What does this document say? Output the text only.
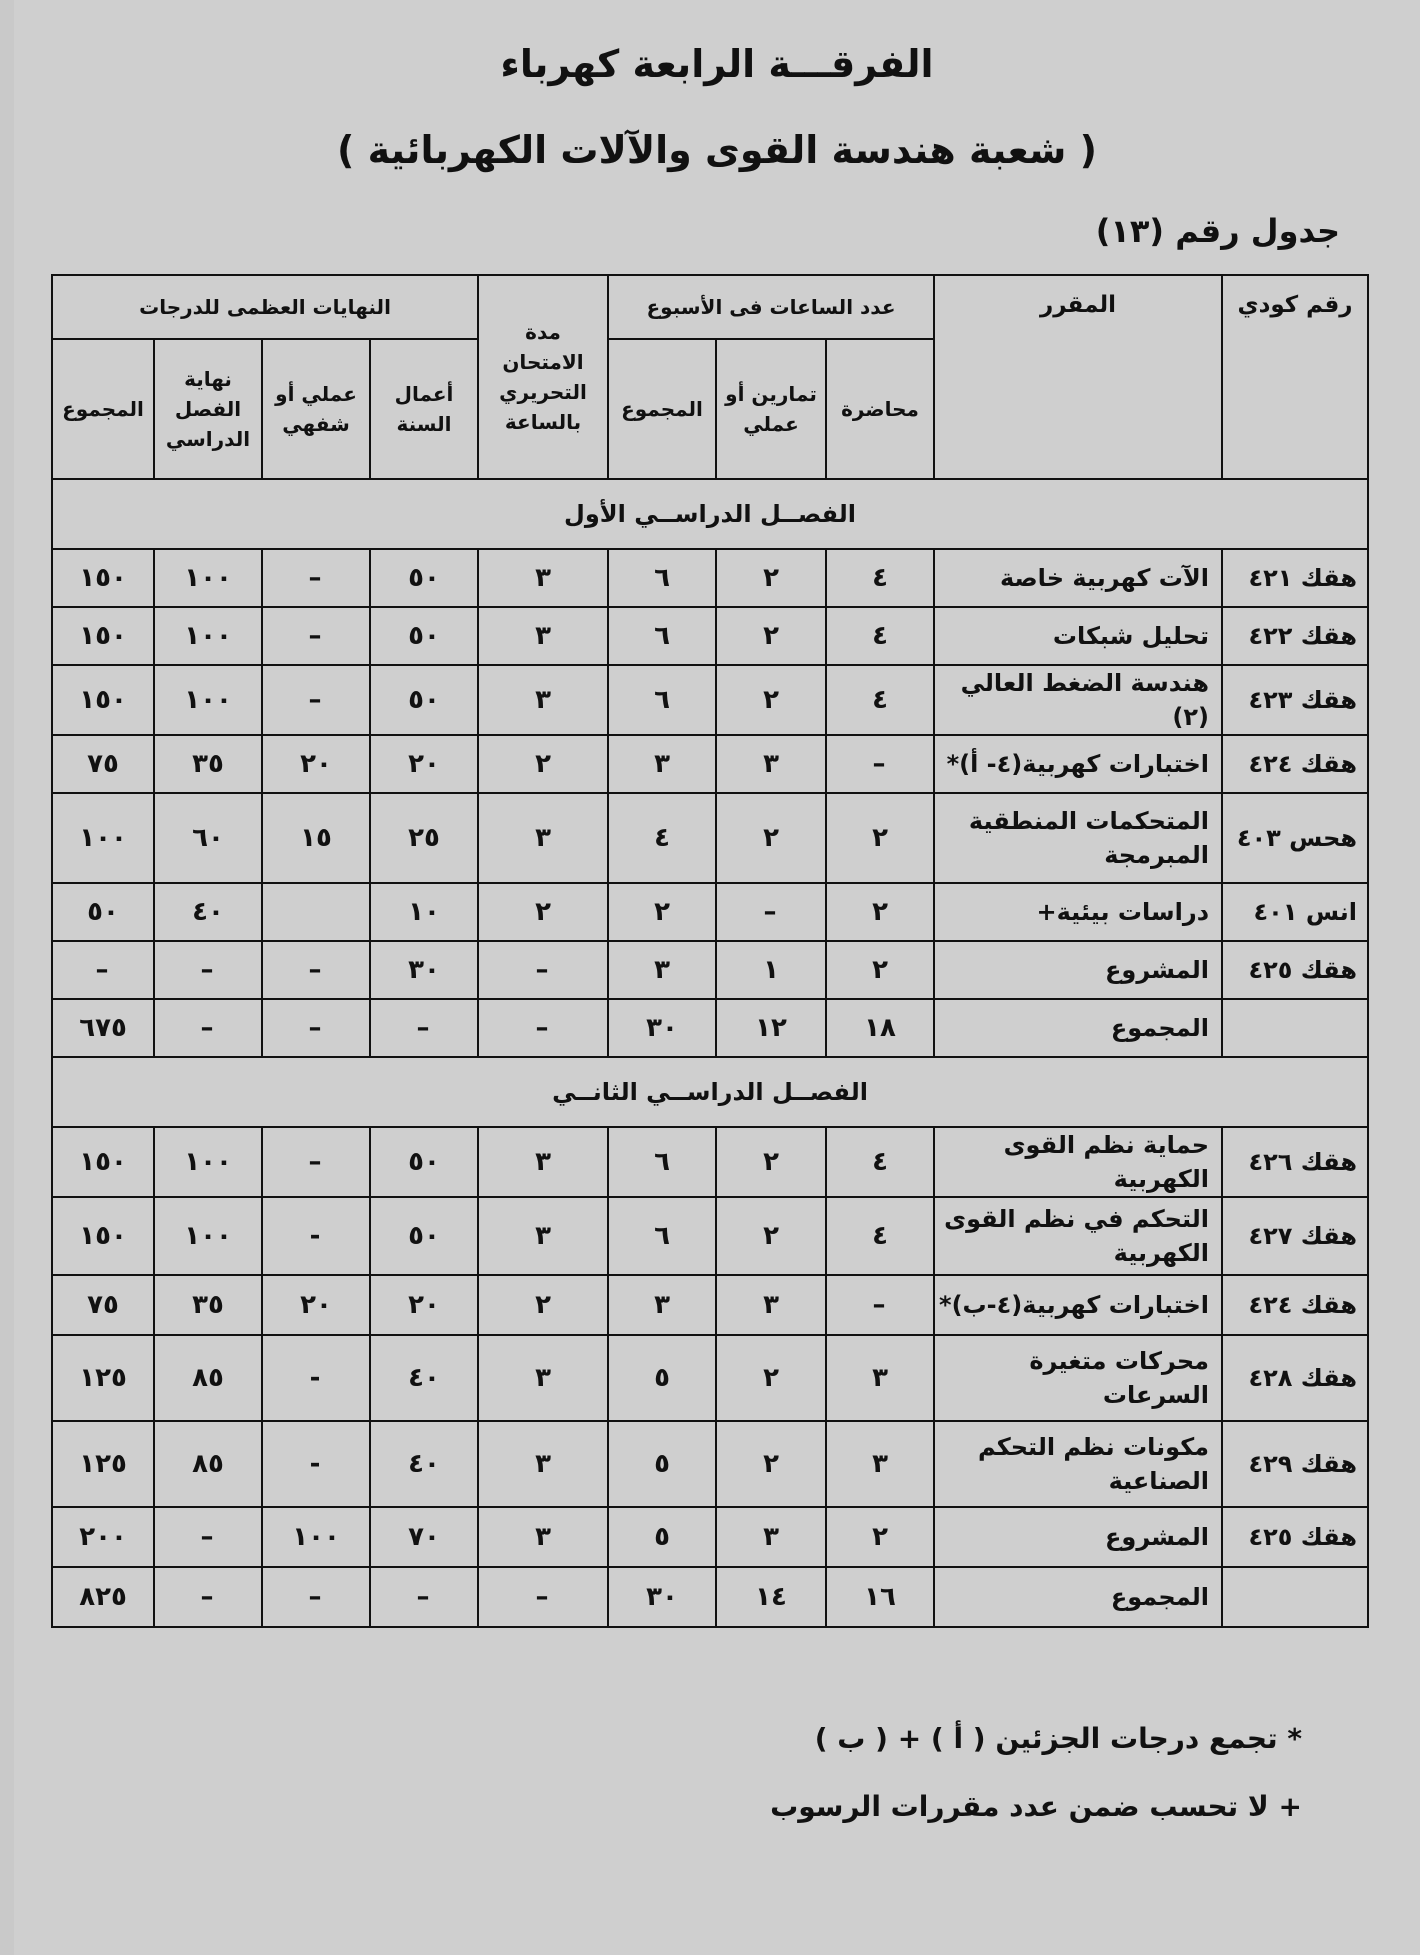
الفرقـــة الرابعة كهرباء
( شعبة هندسة القوى والآلات الكهربائية )
جدول رقم (١٣)
رقم كودي	المقرر	عدد الساعات فى الأسبوع			مدة الامتحان التحريري بالساعة	النهايات العظمى للدرجات			
		محاضرة	تمارين أو عملي	المجموع		أعمال السنة	عملي أو شفهي	نهاية الفصل الدراسي	المجموع
الفصــل الدراســي الأول									
هقك ٤٢١	الآت كهربية خاصة	٤	٢	٦	٣	٥٠	–	١٠٠	١٥٠
هقك ٤٢٢	تحليل شبكات	٤	٢	٦	٣	٥٠	–	١٠٠	١٥٠
هقك ٤٢٣	هندسة الضغط العالي (٢)	٤	٢	٦	٣	٥٠	–	١٠٠	١٥٠
هقك ٤٢٤	اختبارات كهربية(٤- أ)*	–	٣	٣	٢	٢٠	٢٠	٣٥	٧٥
هحس ٤٠٣	المتحكمات المنطقية المبرمجة	٢	٢	٤	٣	٢٥	١٥	٦٠	١٠٠
انس ٤٠١	دراسات بيئية+	٢	–	٢	٢	١٠		٤٠	٥٠
هقك ٤٢٥	المشروع	٢	١	٣	–	٣٠	–	–	–
	المجموع	١٨	١٢	٣٠	–	–	–	–	٦٧٥
الفصــل الدراســي الثانــي									
هقك ٤٢٦	حماية نظم القوى الكهربية	٤	٢	٦	٣	٥٠	–	١٠٠	١٥٠
هقك ٤٢٧	التحكم في نظم القوى الكهربية	٤	٢	٦	٣	٥٠	-	١٠٠	١٥٠
هقك ٤٢٤	اختبارات كهربية(٤-ب)*	–	٣	٣	٢	٢٠	٢٠	٣٥	٧٥
هقك ٤٢٨	محركات متغيرة السرعات	٣	٢	٥	٣	٤٠	-	٨٥	١٢٥
هقك ٤٢٩	مكونات نظم التحكم الصناعية	٣	٢	٥	٣	٤٠	-	٨٥	١٢٥
هقك ٤٢٥	المشروع	٢	٣	٥	٣	٧٠	١٠٠	–	٢٠٠
	المجموع	١٦	١٤	٣٠	–	–	–	–	٨٢٥
* تجمع درجات الجزئين ( أ ) + ( ب )
+ لا تحسب ضمن عدد مقررات الرسوب
